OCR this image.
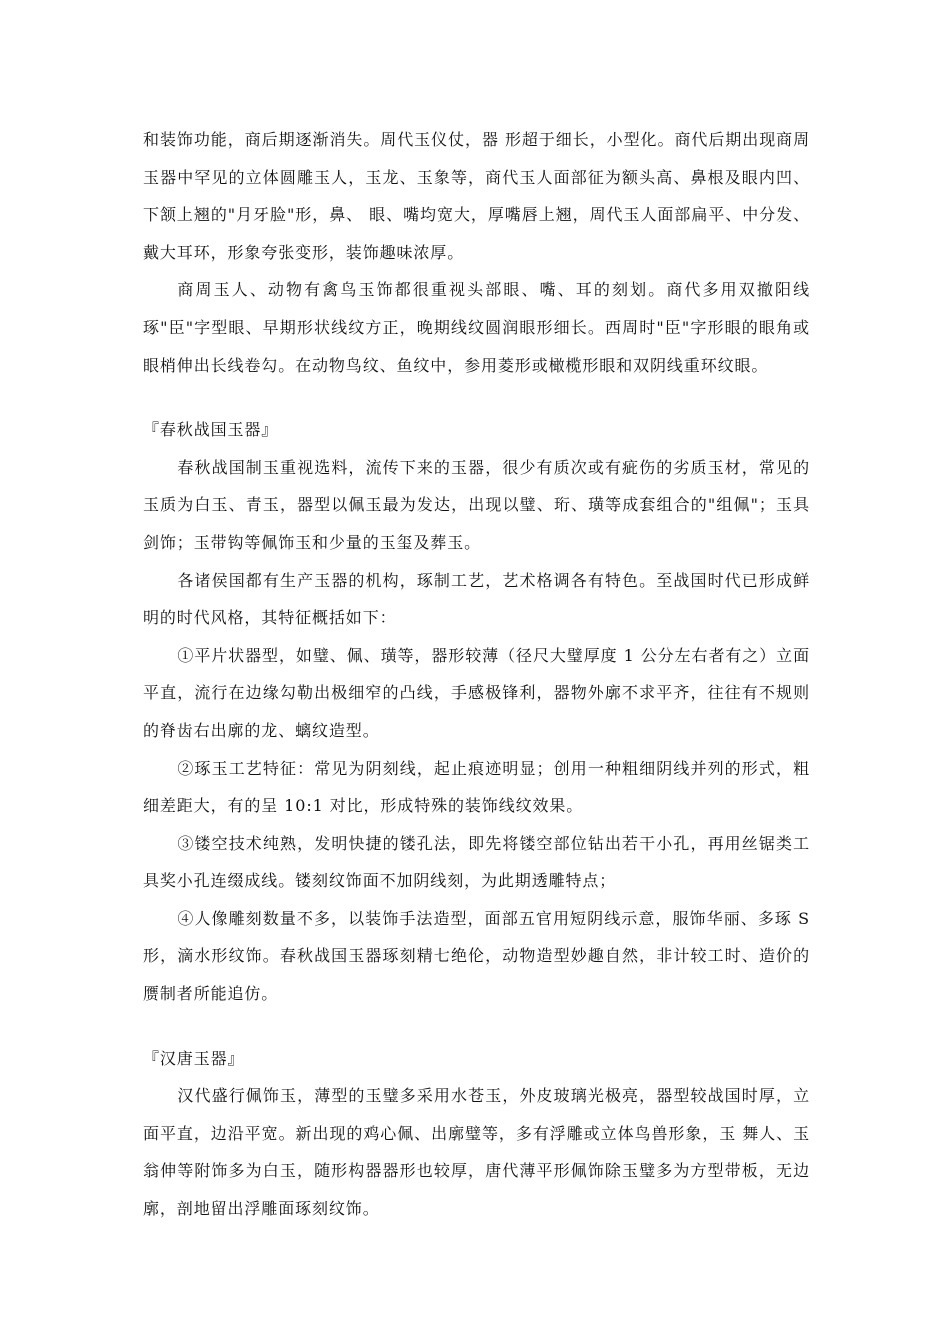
和装饰功能，商后期逐渐消失。周代玉仪仗，器 形超于细长，小型化。商代后期出现商周玉器中罕见的立体圆雕玉人，玉龙、玉象等，商代玉人面部征为额头高、鼻根及眼内凹、下颔上翘的"月牙脸"形，鼻、 眼、嘴均宽大，厚嘴唇上翘，周代玉人面部扁平、中分发、戴大耳环，形象夸张变形，装饰趣味浓厚。

商周玉人、动物有禽鸟玉饰都很重视头部眼、嘴、耳的刻划。商代多用双撤阳线琢"臣"字型眼、早期形状线纹方正，晚期线纹圆润眼形细长。西周时"臣"字形眼的眼角或眼梢伸出长线卷勾。在动物鸟纹、鱼纹中，参用菱形或橄榄形眼和双阴线重环纹眼。

『春秋战国玉器』

春秋战国制玉重视选料，流传下来的玉器，很少有质次或有疵伤的劣质玉材，常见的玉质为白玉、青玉，器型以佩玉最为发达，出现以璧、珩、璜等成套组合的"组佩"；玉具剑饰；玉带钩等佩饰玉和少量的玉玺及葬玉。

各诸侯国都有生产玉器的机构，琢制工艺，艺术格调各有特色。至战国时代已形成鲜明的时代风格，其特征概括如下：

①平片状器型，如璧、佩、璜等，器形较薄（径尺大璧厚度 1 公分左右者有之）立面平直，流行在边缘勾勒出极细窄的凸线，手感极锋利，器物外廓不求平齐，往往有不规则的脊齿右出廓的龙、螭纹造型。

②琢玉工艺特征：常见为阴刻线，起止痕迹明显；创用一种粗细阴线并列的形式，粗细差距大，有的呈 10:1 对比，形成特殊的装饰线纹效果。

③镂空技术纯熟，发明快捷的镂孔法，即先将镂空部位钻出若干小孔，再用丝锯类工具奖小孔连缀成线。镂刻纹饰面不加阴线刻，为此期透雕特点；

④人像雕刻数量不多，以装饰手法造型，面部五官用短阴线示意，服饰华丽、多琢 S 形，滴水形纹饰。春秋战国玉器琢刻精七绝伦，动物造型妙趣自然，非计较工时、造价的赝制者所能追仿。

『汉唐玉器』

汉代盛行佩饰玉，薄型的玉璧多采用水苍玉，外皮玻璃光极亮，器型较战国时厚，立面平直，边沿平宽。新出现的鸡心佩、出廓璧等，多有浮雕或立体鸟兽形象，玉 舞人、玉翁伸等附饰多为白玉，随形构器器形也较厚，唐代薄平形佩饰除玉璧多为方型带板，无边廓，剖地留出浮雕面琢刻纹饰。
